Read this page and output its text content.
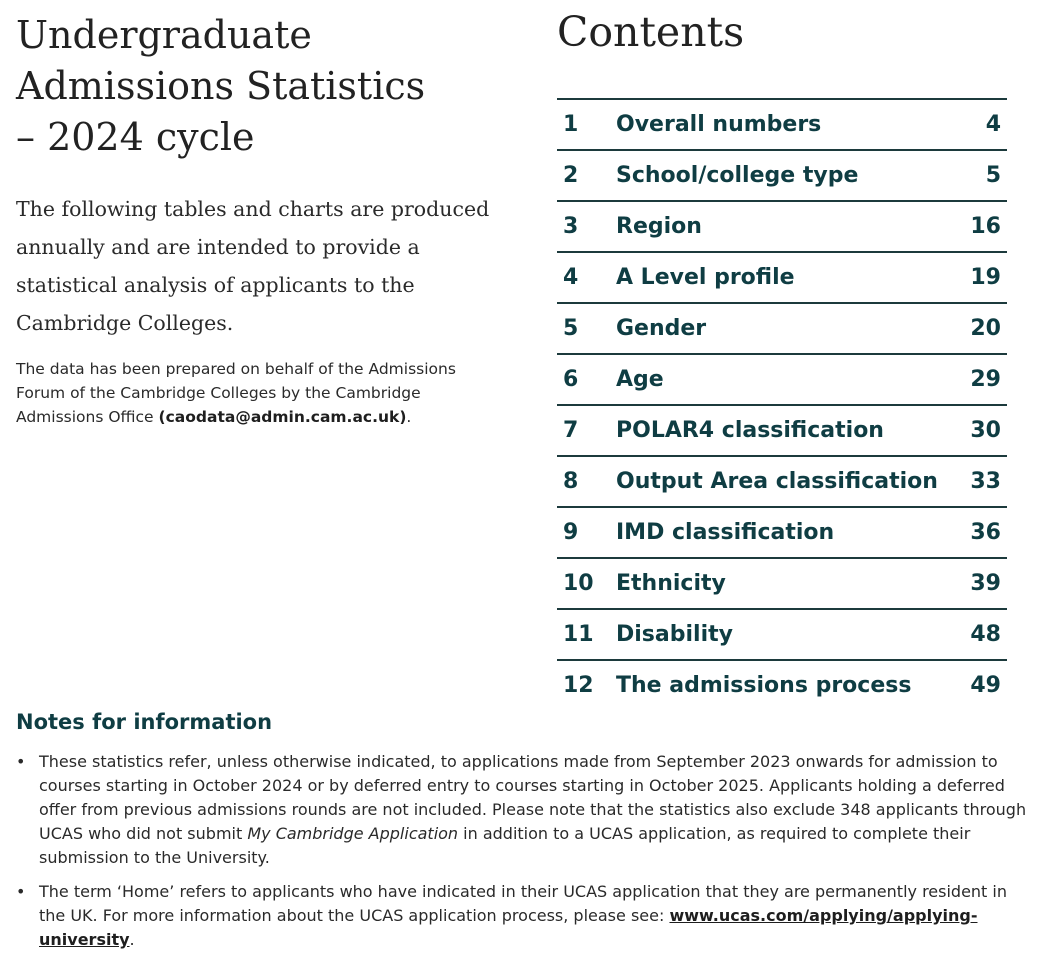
Undergraduate
Admissions Statistics
– 2024 cycle

The following tables and charts are produced annually and are intended to provide a statistical analysis of applicants to the Cambridge Colleges.

The data has been prepared on behalf of the Admissions Forum of the Cambridge Colleges by the Cambridge Admissions Office (caodata@admin.cam.ac.uk).

Contents
1	Overall numbers	4
2	School/college type	5
3	Region	16
4	A Level profile	19
5	Gender	20
6	Age	29
7	POLAR4 classification	30
8	Output Area classification	33
9	IMD classification	36
10	Ethnicity	39
11	Disability	48
12	The admissions process	49
Notes for information
• These statistics refer, unless otherwise indicated, to applications made from September 2023 onwards for admission to courses starting in October 2024 or by deferred entry to courses starting in October 2025. Applicants holding a deferred offer from previous admissions rounds are not included. Please note that the statistics also exclude 348 applicants through UCAS who did not submit My Cambridge Application in addition to a UCAS application, as required to complete their submission to the University.
• The term ‘Home’ refers to applicants who have indicated in their UCAS application that they are permanently resident in the UK. For more information about the UCAS application process, please see: www.ucas.com/applying/applying-university.
